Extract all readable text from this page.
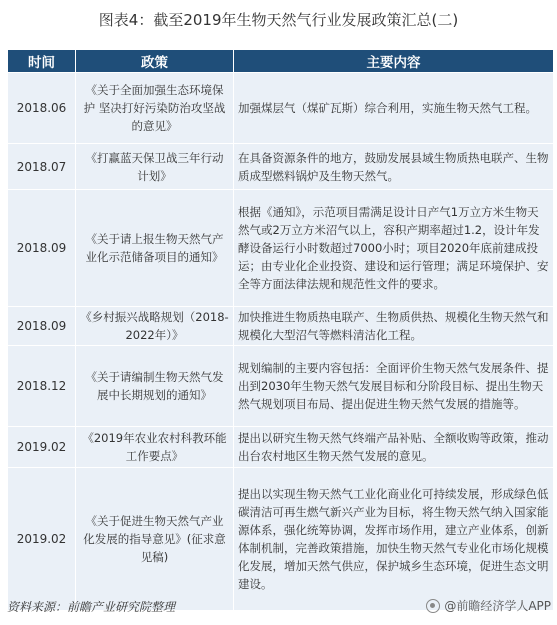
图表4：截至2019年生物天然气行业发展政策汇总(二)
时间	政策	主要内容
2018.06	《关于全面加强生态环境保护 坚决打好污染防治攻坚战的意见》	加强煤层气（煤矿瓦斯）综合利用，实施生物天然气工程。
2018.07	《打赢蓝天保卫战三年行动计划》	在具备资源条件的地方，鼓励发展县域生物质热电联产、生物质成型燃料锅炉及生物天然气。
2018.09	《关于请上报生物天然气产业化示范储备项目的通知》	根据《通知》，示范项目需满足设计日产气1万立方米生物天然气或2万立方米沼气以上，容积产期率超过1.2，设计年发酵设备运行小时数超过7000小时；项目2020年底前建成投运；由专业化企业投资、建设和运行管理；满足环境保护、安全等方面法律法规和规范性文件的要求。
2018.09	《乡村振兴战略规划（2018-2022年）》	加快推进生物质热电联产、生物质供热、规模化生物天然气和规模化大型沼气等燃料清洁化工程。
2018.12	《关于请编制生物天然气发展中长期规划的通知》	规划编制的主要内容包括：全面评价生物天然气发展条件、提出到2030年生物天然气发展目标和分阶段目标、提出生物天然气规划项目布局、提出促进生物天然气发展的措施等。
2019.02	《2019年农业农村科教环能工作要点》	提出以研究生物天然气终端产品补贴、全额收购等政策，推动出台农村地区生物天然气发展的意见。
2019.02	《关于促进生物天然气产业化发展的指导意见》(征求意见稿)	提出以实现生物天然气工业化商业化可持续发展，形成绿色低碳清洁可再生燃气新兴产业为目标，将生物天然气纳入国家能源体系，强化统筹协调，发挥市场作用，建立产业体系，创新体制机制，完善政策措施，加快生物天然气专业化市场化规模化发展，增加天然气供应，保护城乡生态环境，促进生态文明建设。
资料来源：前瞻产业研究院整理	@前瞻经济学人APP
